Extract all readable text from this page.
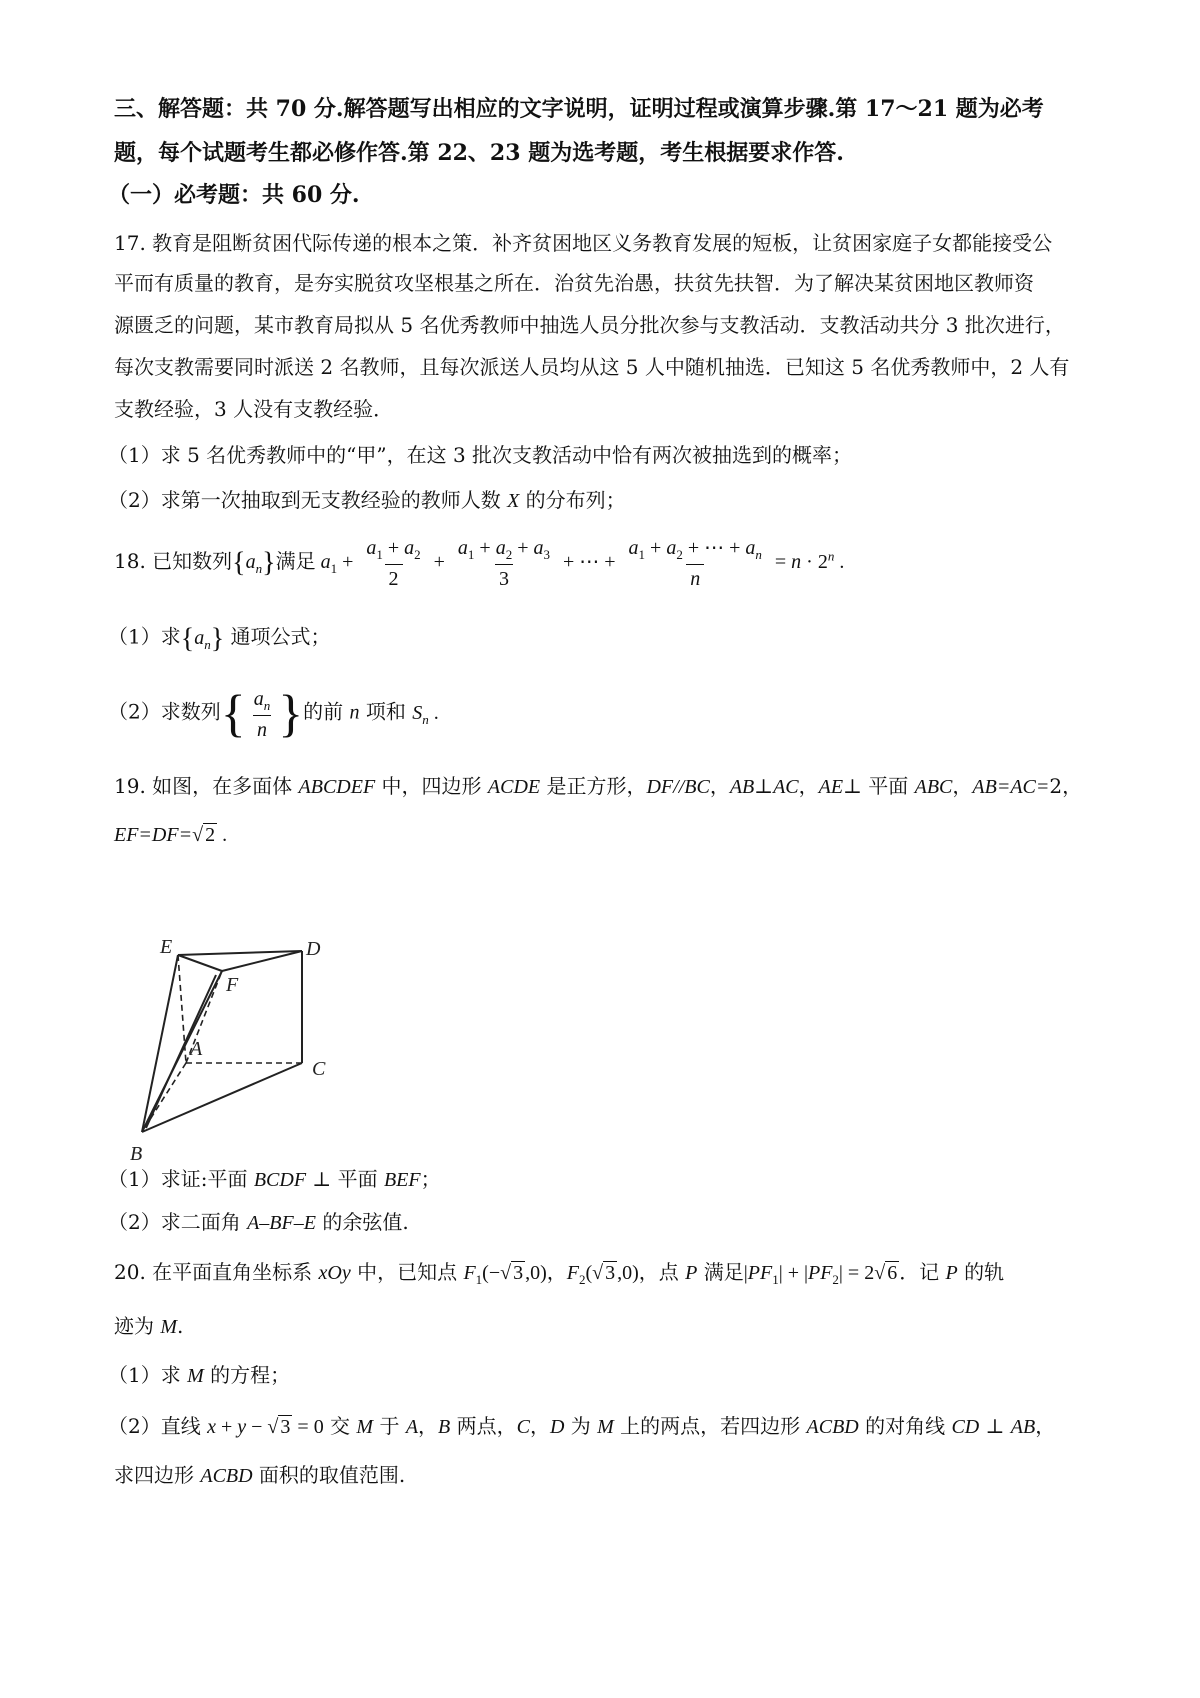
三、解答题：共 70 分.解答题写出相应的文字说明，证明过程或演算步骤.第 17～21 题为必考
题，每个试题考生都必修作答.第 22、23 题为选考题，考生根据要求作答.
（一）必考题：共 60 分.
17. 教育是阻断贫困代际传递的根本之策．补齐贫困地区义务教育发展的短板，让贫困家庭子女都能接受公
平而有质量的教育，是夯实脱贫攻坚根基之所在．治贫先治愚，扶贫先扶智．为了解决某贫困地区教师资
源匮乏的问题，某市教育局拟从 5 名优秀教师中抽选人员分批次参与支教活动．支教活动共分 3 批次进行，
每次支教需要同时派送 2 名教师，且每次派送人员均从这 5 人中随机抽选．已知这 5 名优秀教师中，2 人有
支教经验，3 人没有支教经验．
（1）求 5 名优秀教师中的“甲”，在这 3 批次支教活动中恰有两次被抽选到的概率；
（2）求第一次抽取到无支教经验的教师人数 X 的分布列；
18. 已知数列$\{a_n\}$满足 $a_1 + \frac{a_1 + a_2}{2} + \frac{a_1 + a_2 + a_3}{3}$ + ⋯ + $\frac{a_1 + a_2 + \cdots + a_n}{n} = n \cdot 2^n$ .
（1）求$\{a_n\}$ 通项公式；
（2）求数列{ $\frac{a_n}{n}$ }的前 n 项和 $S_n$ .
19. 如图，在多面体 ABCDEF 中，四边形 ACDE 是正方形，DF//BC，AB⊥AC，AE⊥ 平面 ABC，AB=AC=2，
EF=DF=√ 2 .
E	D
F
A
C
B
（1）求证:平面 BCDF ⊥ 平面 BEF；
（2）求二面角 A–BF–E 的余弦值.
20. 在平面直角坐标系 xOy 中，已知点 $F_1(-√$ 3 ,0)，$F_2(√$ 3 ,0)，点 P 满足$|PF_1| + |PF_2| = 2√$ 6 ．记 P 的轨
迹为 M.
（1）求 M 的方程；
（2）直线 x + y − √ 3 = 0 交 M 于 A，B 两点，C，D 为 M 上的两点，若四边形 ACBD 的对角线 CD ⊥ AB，
求四边形 ACBD 面积的取值范围.
